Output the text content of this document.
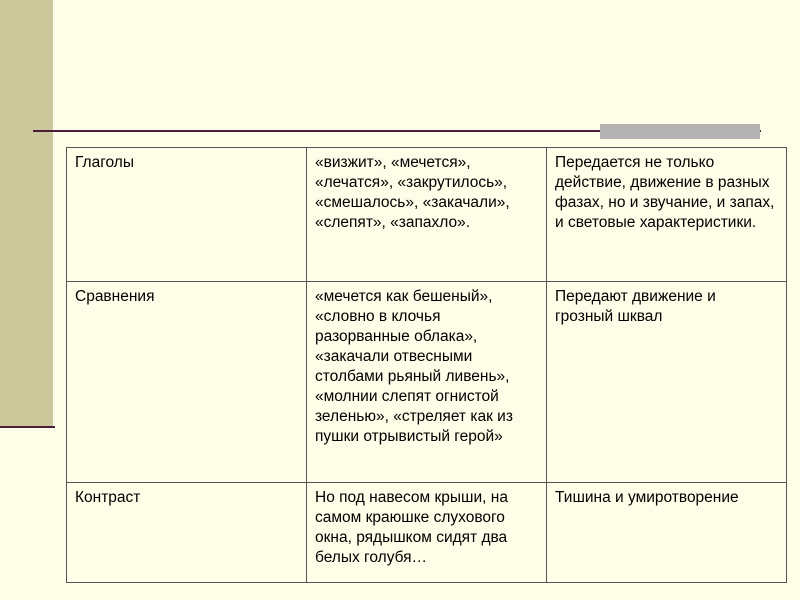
Глаголы	«визжит», «мечется», «лечатся», «закрутилось», «смешалось», «закачали», «слепят», «запахло».	Передается не только действие, движение в разных фазах, но и звучание, и запах, и световые характеристики.
Сравнения	«мечется как бешеный», «словно в клочья разорванные облака», «закачали отвесными столбами рьяный ливень», «молнии слепят огнистой зеленью», «стреляет как из пушки отрывистый герой»	Передают движение и грозный шквал
Контраст	Но под навесом крыши, на самом краюшке слухового окна, рядышком сидят два белых голубя…	Тишина и умиротворение
